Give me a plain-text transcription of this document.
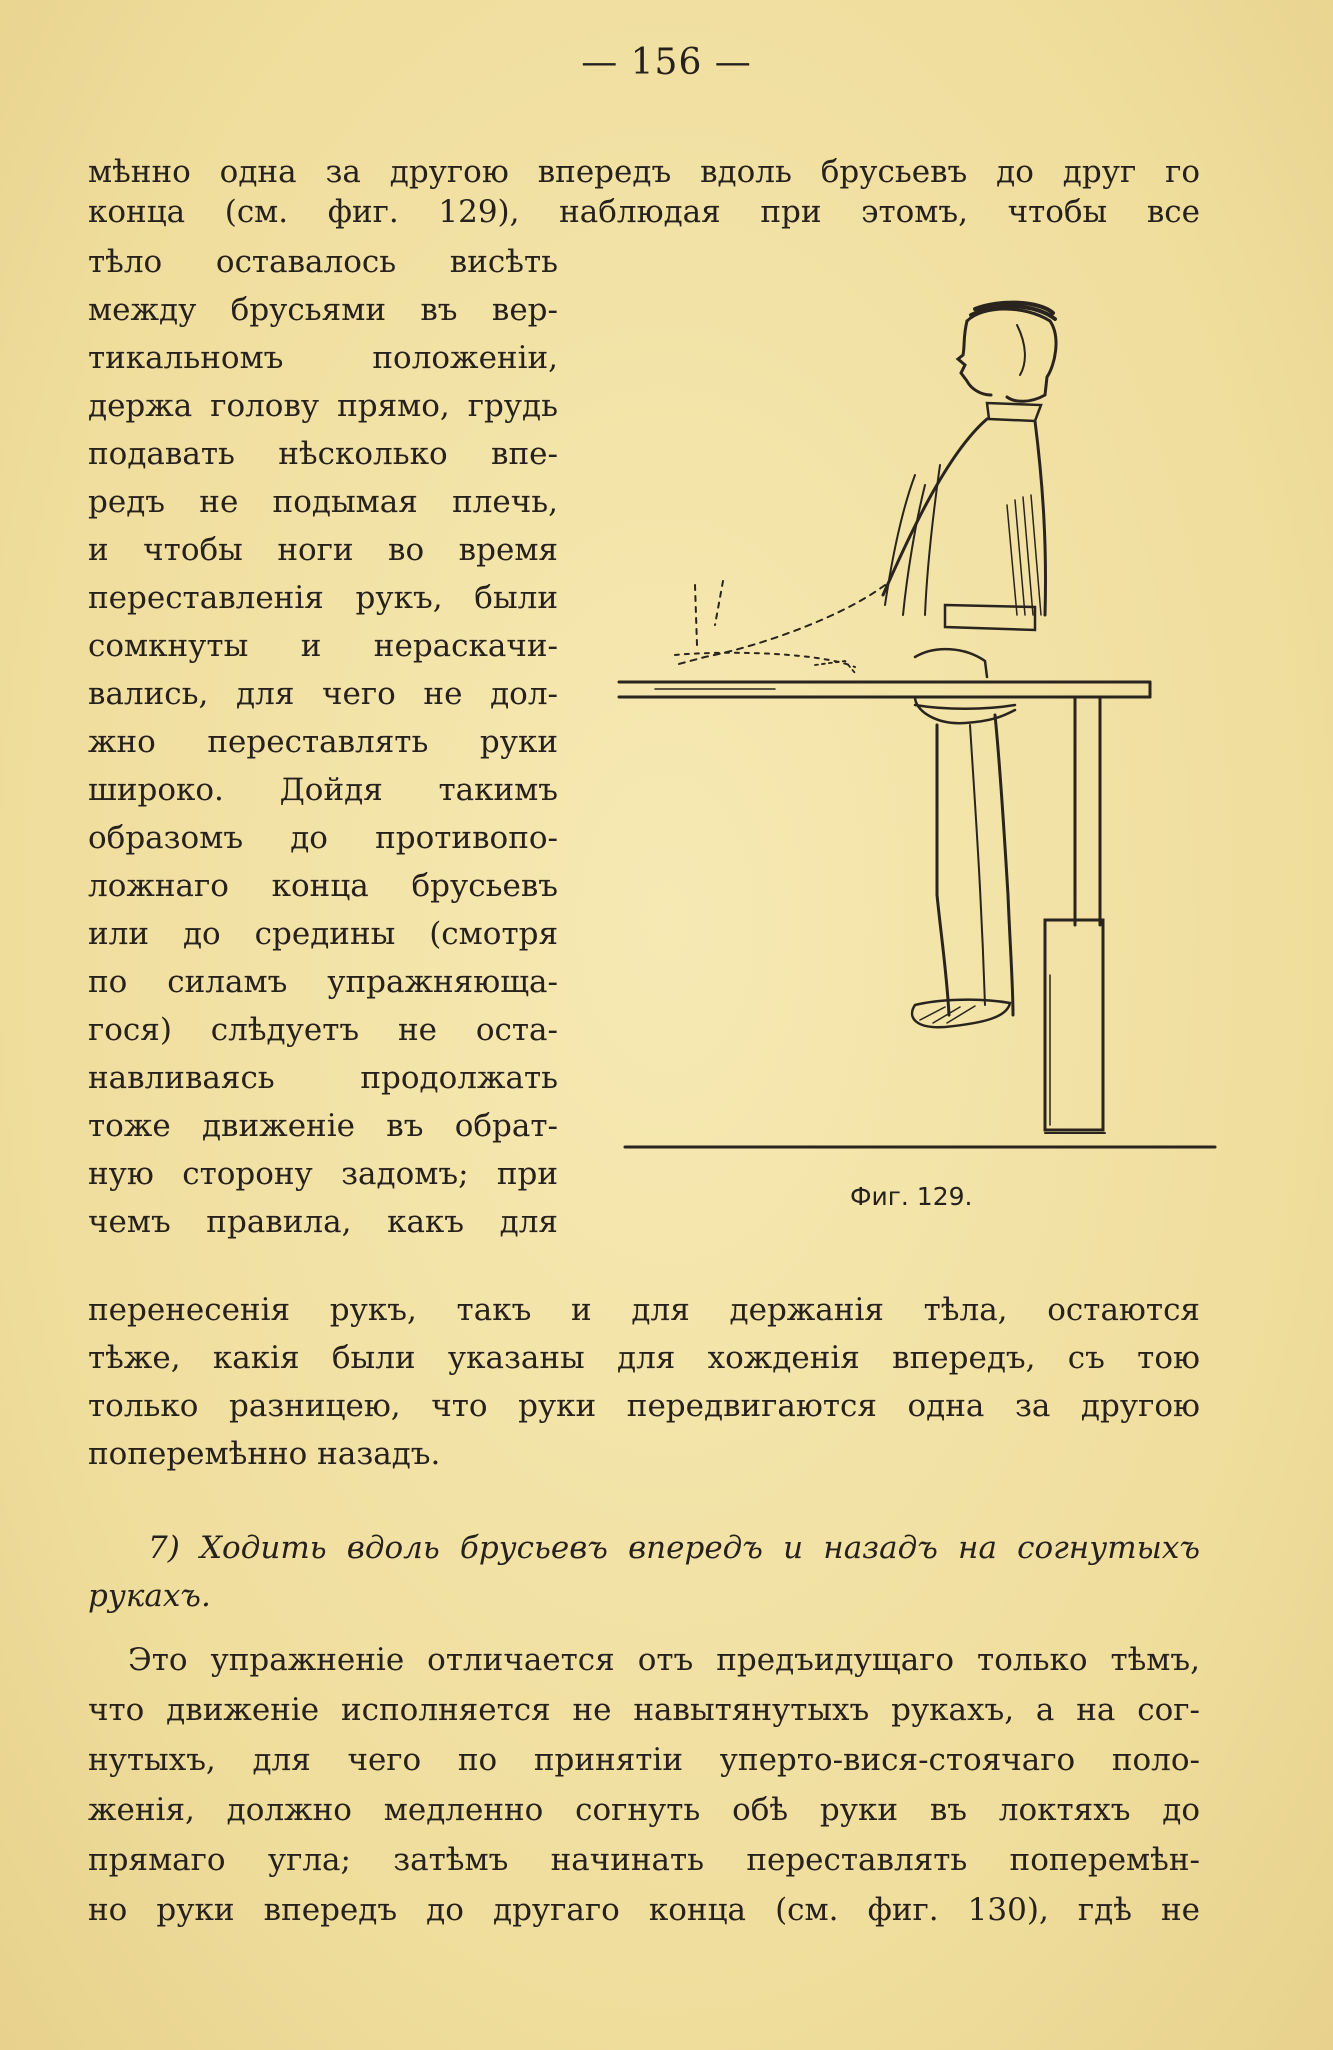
— 156 —
мѣнно одна за другою впередъ вдоль брусьевъ до друг го
конца (см. фиг. 129), наблюдая при этомъ, чтобы все
тѣло оставалось висѣть
между брусьями въ вер-
тикальномъ положенiи,
держа голову прямо, грудь
подавать нѣсколько впе-
редъ не подымая плечь,
и чтобы ноги во время
переставленiя рукъ, были
сомкнуты и нераскачи-
вались, для чего не дол-
жно переставлять руки
широко. Дойдя такимъ
образомъ до противопо-
ложнаго конца брусьевъ
или до средины (смотря
по силамъ упражняюща-
гося) слѣдуетъ не оста-
навливаясь продолжать
тоже движенiе въ обрат-
ную сторону задомъ; при
чемъ правила, какъ для
Фиг. 129.
перенесенiя рукъ, такъ и для держанiя тѣла, остаются
тѣже, какiя были указаны для хожденiя впередъ, съ тою
только разницею, что руки передвигаются одна за другою
поперемѣнно назадъ.
7) Ходить вдоль брусьевъ впередъ и назадъ на согнутыхъ
рукахъ.
Это упражненiе отличается отъ предъидущаго только тѣмъ,
что движенiе исполняется не навытянутыхъ рукахъ, а на сог-
нутыхъ, для чего по принятiи уперто-вися-стоячаго поло-
женiя, должно медленно согнуть обѣ руки въ локтяхъ до
прямаго угла; затѣмъ начинать переставлять поперемѣн-
но руки впередъ до другаго конца (см. фиг. 130), гдѣ не
